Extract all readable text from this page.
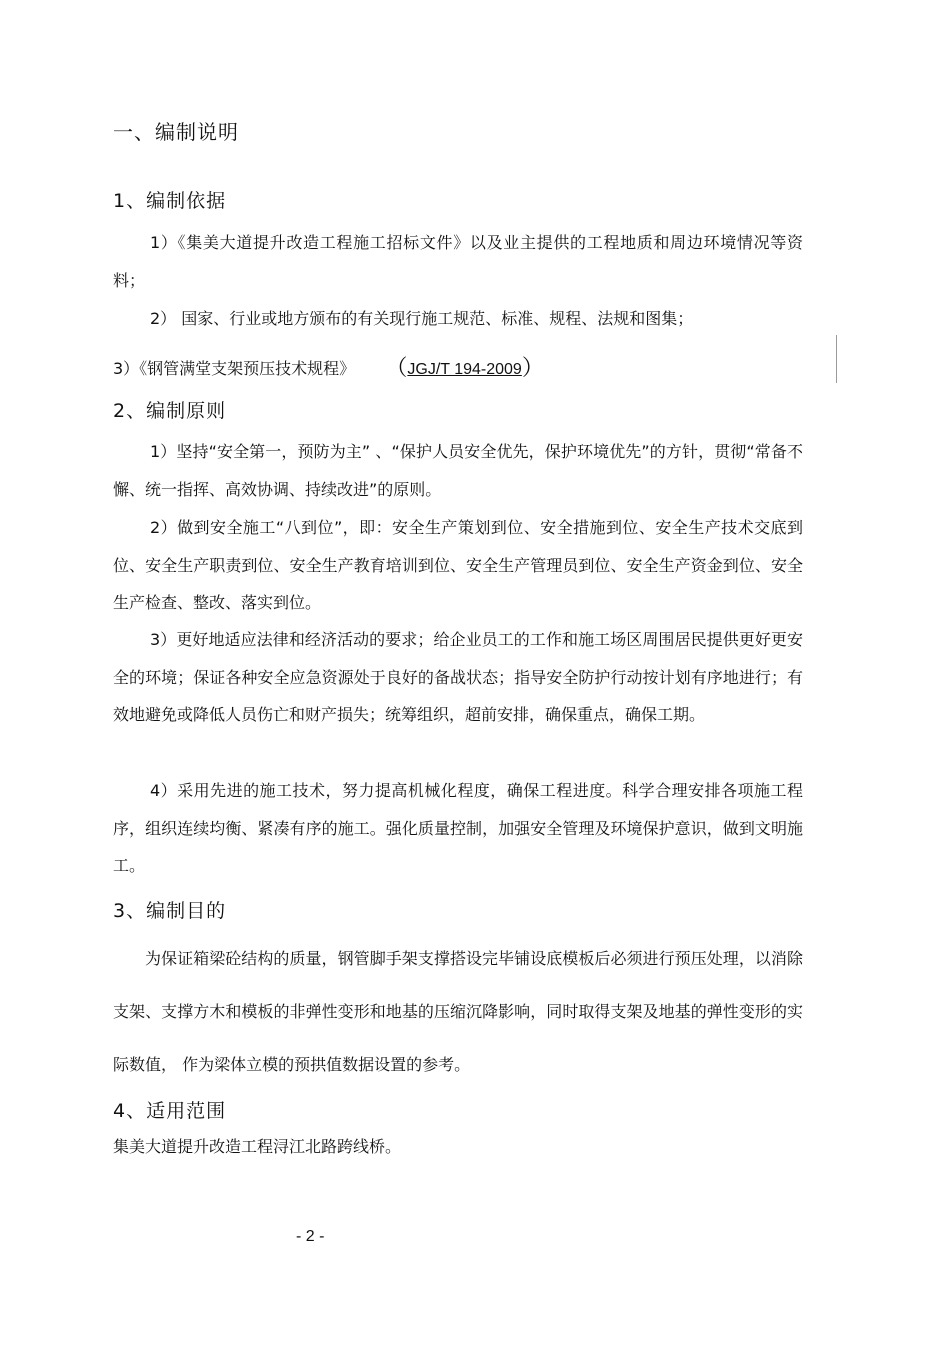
一、编制说明
1、编制依据
1）《集美大道提升改造工程施工招标文件》以及业主提供的工程地质和周边环境情况等资料；
2） 国家、行业或地方颁布的有关现行施工规范、标准、规程、法规和图集；
3）《钢管满堂支架预压技术规程》 （JGJ/T 194-2009）
2、编制原则
1）坚持“安全第一，预防为主” 、“保护人员安全优先，保护环境优先”的方针，贯彻“常备不懈、统一指挥、高效协调、持续改进”的原则。
2）做到安全施工“八到位”，即：安全生产策划到位、安全措施到位、安全生产技术交底到位、安全生产职责到位、安全生产教育培训到位、安全生产管理员到位、安全生产资金到位、安全生产检查、整改、落实到位。
3）更好地适应法律和经济活动的要求；给企业员工的工作和施工场区周围居民提供更好更安全的环境；保证各种安全应急资源处于良好的备战状态；指导安全防护行动按计划有序地进行；有效地避免或降低人员伤亡和财产损失；统筹组织，超前安排，确保重点，确保工期。
4）采用先进的施工技术，努力提高机械化程度，确保工程进度。科学合理安排各项施工程序，组织连续均衡、紧凑有序的施工。强化质量控制，加强安全管理及环境保护意识，做到文明施工。
3、编制目的
为保证箱梁砼结构的质量，钢管脚手架支撑搭设完毕铺设底模板后必须进行预压处理，以消除支架、支撑方木和模板的非弹性变形和地基的压缩沉降影响，同时取得支架及地基的弹性变形的实际数值， 作为梁体立模的预拱值数据设置的参考。
4、适用范围
集美大道提升改造工程浔江北路跨线桥。
- 2 -
